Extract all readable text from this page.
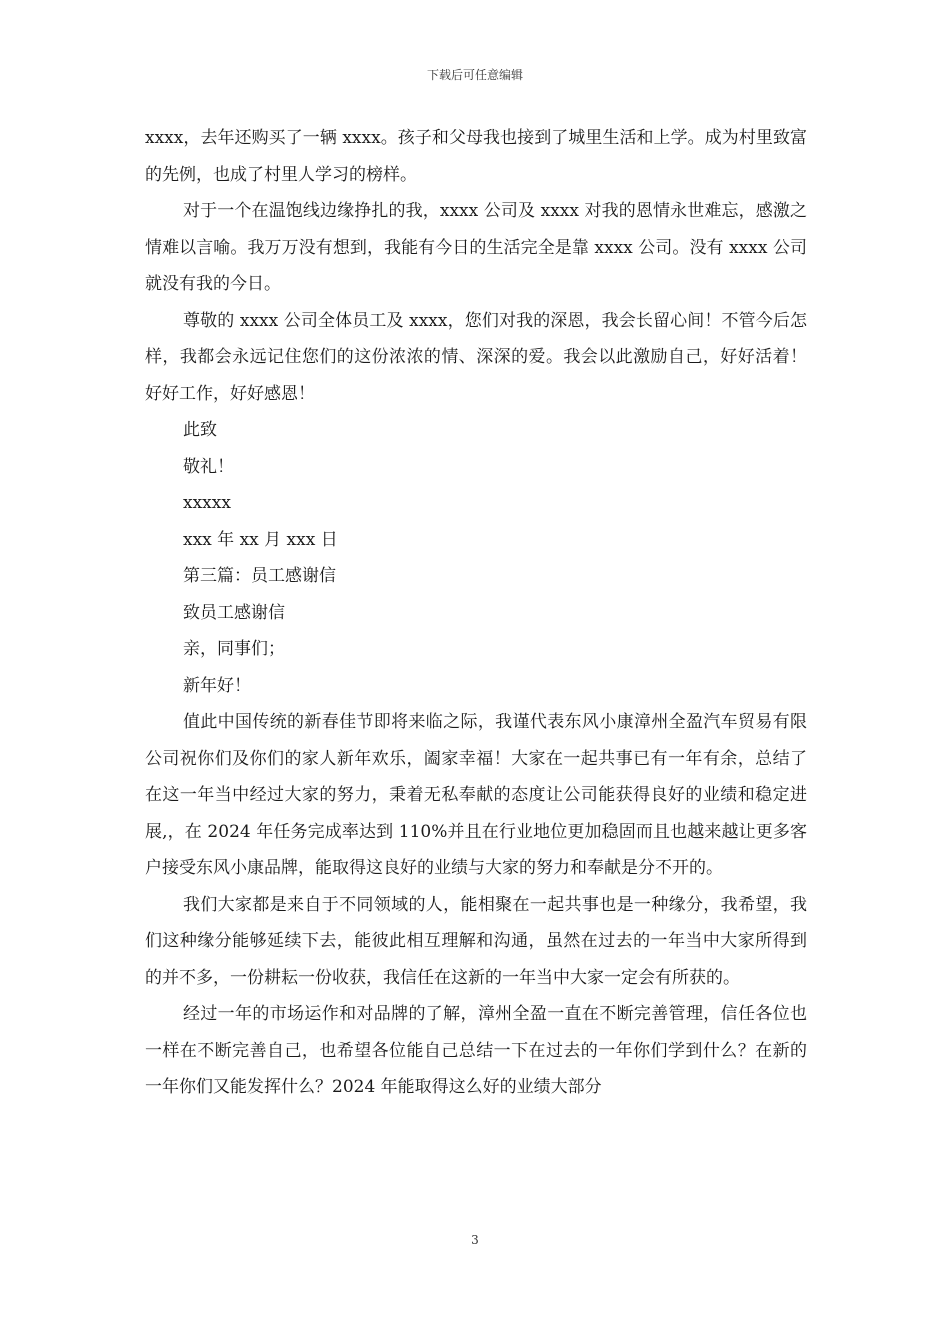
下载后可任意编辑

xxxx，去年还购买了一辆 xxxx。孩子和父母我也接到了城里生活和上学。成为村里致富的先例，也成了村里人学习的榜样。

对于一个在温饱线边缘挣扎的我，xxxx 公司及 xxxx 对我的恩情永世难忘，感激之情难以言喻。我万万没有想到，我能有今日的生活完全是靠 xxxx 公司。没有 xxxx 公司就没有我的今日。

尊敬的 xxxx 公司全体员工及 xxxx，您们对我的深恩，我会长留心间！不管今后怎样，我都会永远记住您们的这份浓浓的情、深深的爱。我会以此激励自己，好好活着！好好工作，好好感恩！

此致

敬礼！

xxxxx

xxx 年 xx 月 xxx 日

第三篇：员工感谢信

致员工感谢信

亲，同事们；

新年好！

值此中国传统的新春佳节即将来临之际，我谨代表东风小康漳州全盈汽车贸易有限公司祝你们及你们的家人新年欢乐，阖家幸福！大家在一起共事已有一年有余，总结了在这一年当中经过大家的努力，秉着无私奉献的态度让公司能获得良好的业绩和稳定进展,，在 2024 年任务完成率达到 110%并且在行业地位更加稳固而且也越来越让更多客户接受东风小康品牌，能取得这良好的业绩与大家的努力和奉献是分不开的。

我们大家都是来自于不同领域的人，能相聚在一起共事也是一种缘分，我希望，我们这种缘分能够延续下去，能彼此相互理解和沟通，虽然在过去的一年当中大家所得到的并不多，一份耕耘一份收获，我信任在这新的一年当中大家一定会有所获的。

经过一年的市场运作和对品牌的了解，漳州全盈一直在不断完善管理，信任各位也一样在不断完善自己，也希望各位能自己总结一下在过去的一年你们学到什么？在新的一年你们又能发挥什么？2024 年能取得这么好的业绩大部分

3
